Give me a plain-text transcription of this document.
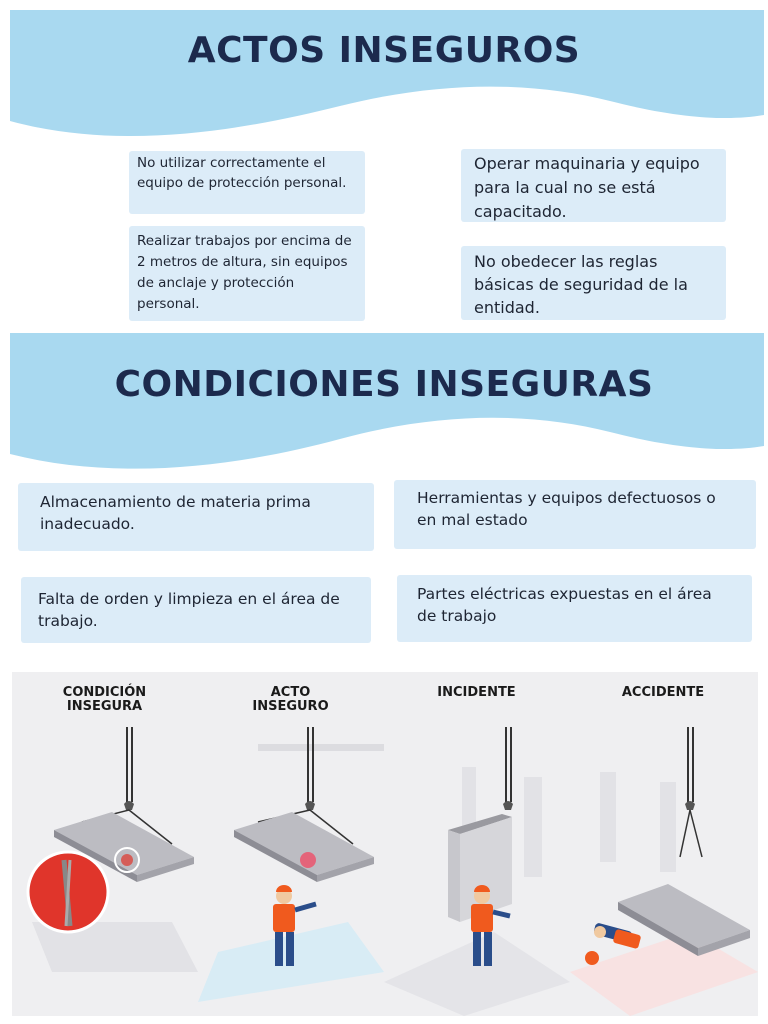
ACTOS INSEGUROS
No utilizar correctamente el equipo de protección personal.
Realizar trabajos por encima de 2 metros de altura, sin equipos de anclaje y protección personal.
Operar maquinaria y equipo para la cual no se está capacitado.
No obedecer las reglas básicas de seguridad de la entidad.
CONDICIONES INSEGURAS
Almacenamiento de materia prima inadecuado.
Herramientas y equipos defectuosos o en mal estado
Falta de orden y limpieza en el área de trabajo.
Partes eléctricas expuestas en el área de trabajo
CONDICIÓN INSEGURA
ACTO INSEGURO
INCIDENTE	ACCIDENTE
